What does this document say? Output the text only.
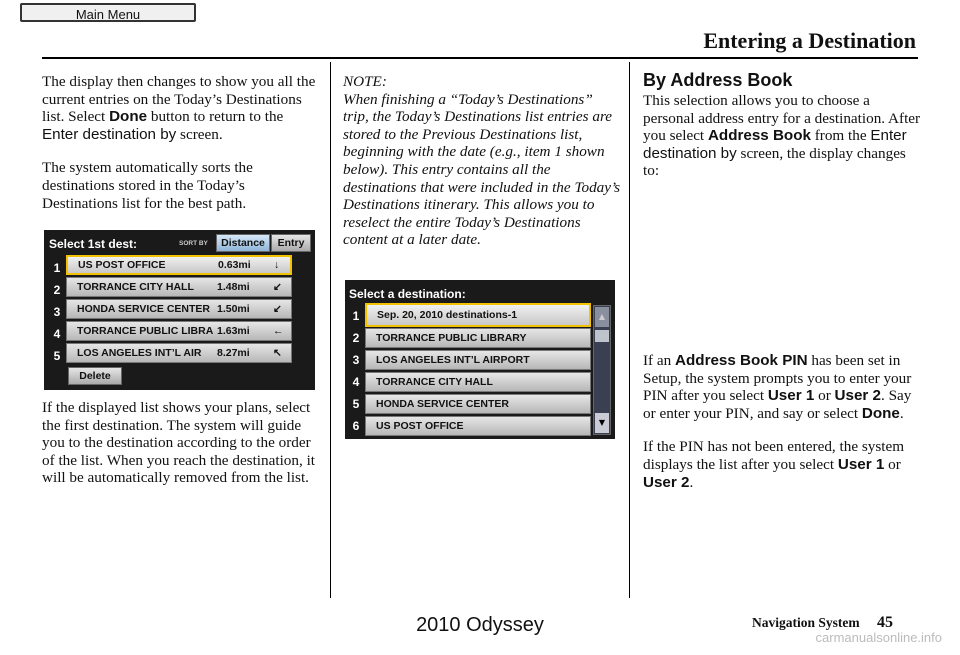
Main Menu
Entering a Destination

The display then changes to show you all the current entries on the Today’s Destinations list. Select Done button to return to the Enter destination by screen.

The system automatically sorts the destinations stored in the Today’s Destinations list for the best path.

Select 1st dest:	SORT BY	Distance	Entry
1	US POST OFFICE	0.63mi ↓
2	TORRANCE CITY HALL 1.48mi ↙
3	HONDA SERVICE CENTER 1.50mi ↙
4	TORRANCE PUBLIC LIBRA 1.63mi ←
5	LOS ANGELES INT’L AIR 8.27mi ↖
Delete

If the displayed list shows your plans, select the first destination. The system will guide you to the destination according to the order of the list. When you reach the destination, it will be automatically removed from the list.

NOTE:

When finishing a “Today’s Destinations” trip, the Today’s Destinations list entries are stored to the Previous Destinations list, beginning with the date (e.g., item 1 shown below). This entry contains all the destinations that were included in the Today’s Destinations itinerary. This allows you to reselect the entire Today’s Destinations content at a later date.

Select a destination:
1	Sep. 20, 2010 destinations-1
2	TORRANCE PUBLIC LIBRARY
3	LOS ANGELES INT’L AIRPORT
4	TORRANCE CITY HALL
5	HONDA SERVICE CENTER
6	US POST OFFICE
▲
▼
By Address Book

This selection allows you to choose a personal address entry for a destination. After you select Address Book from the Enter destination by screen, the display changes to:

If an Address Book PIN has been set in Setup, the system prompts you to enter your PIN after you select User 1 or User 2. Say or enter your PIN, and say or select Done.

If the PIN has not been entered, the system displays the list after you select User 1 or User 2.

2010 Odyssey	Navigation System 45
carmanualsonline.info
